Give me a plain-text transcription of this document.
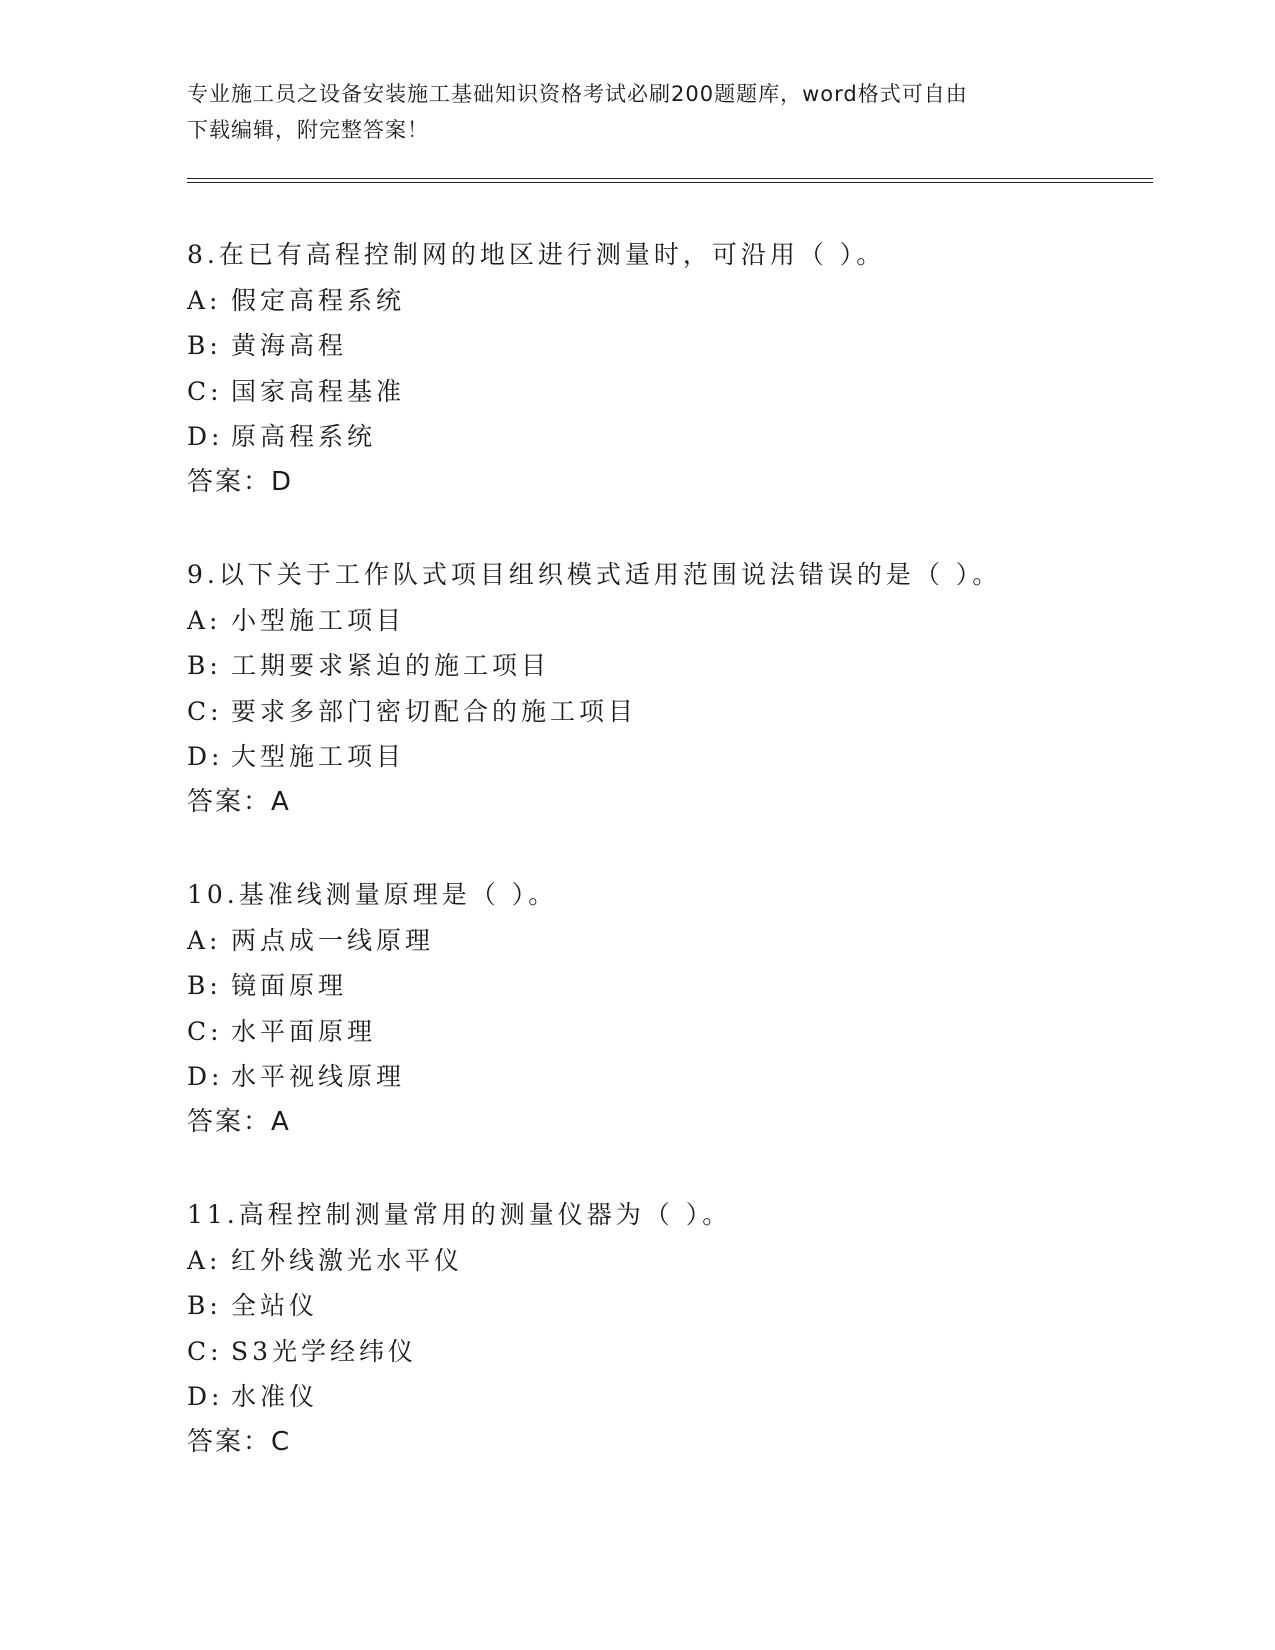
专业施工员之设备安装施工基础知识资格考试必刷200题题库，word格式可自由
下载编辑，附完整答案！
8.在已有高程控制网的地区进行测量时，可沿用（ ）。
A: 假定高程系统
B: 黄海高程
C: 国家高程基准
D: 原高程系统
答案：D
9.以下关于工作队式项目组织模式适用范围说法错误的是（ ）。
A: 小型施工项目
B: 工期要求紧迫的施工项目
C: 要求多部门密切配合的施工项目
D: 大型施工项目
答案：A
10.基准线测量原理是（ ）。
A: 两点成一线原理
B: 镜面原理
C: 水平面原理
D: 水平视线原理
答案：A
11.高程控制测量常用的测量仪器为（ ）。
A: 红外线激光水平仪
B: 全站仪
C: S3光学经纬仪
D: 水准仪
答案：C
